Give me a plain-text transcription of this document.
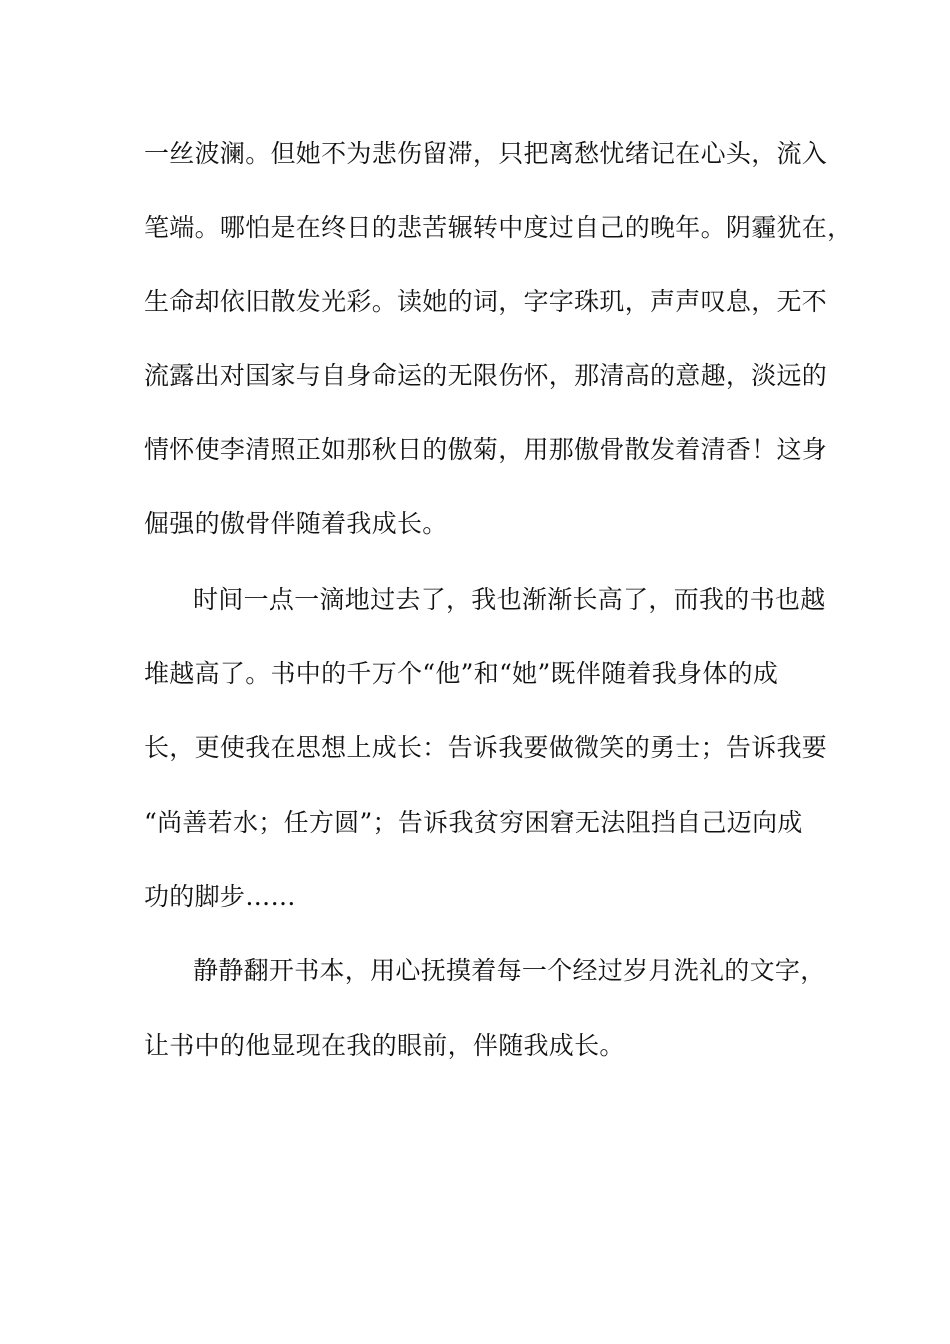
一丝波澜。但她不为悲伤留滞，只把离愁忧绪记在心头，流入
笔端。哪怕是在终日的悲苦辗转中度过自己的晚年。阴霾犹在，
生命却依旧散发光彩。读她的词，字字珠玑，声声叹息，无不
流露出对国家与自身命运的无限伤怀，那清高的意趣，淡远的
情怀使李清照正如那秋日的傲菊，用那傲骨散发着清香！这身
倔强的傲骨伴随着我成长。
时间一点一滴地过去了，我也渐渐长高了，而我的书也越
堆越高了。书中的千万个“他”和“她”既伴随着我身体的成
长，更使我在思想上成长：告诉我要做微笑的勇士；告诉我要
“尚善若水；任方圆”；告诉我贫穷困窘无法阻挡自己迈向成
功的脚步……
静静翻开书本，用心抚摸着每一个经过岁月洗礼的文字，
让书中的他显现在我的眼前，伴随我成长。
